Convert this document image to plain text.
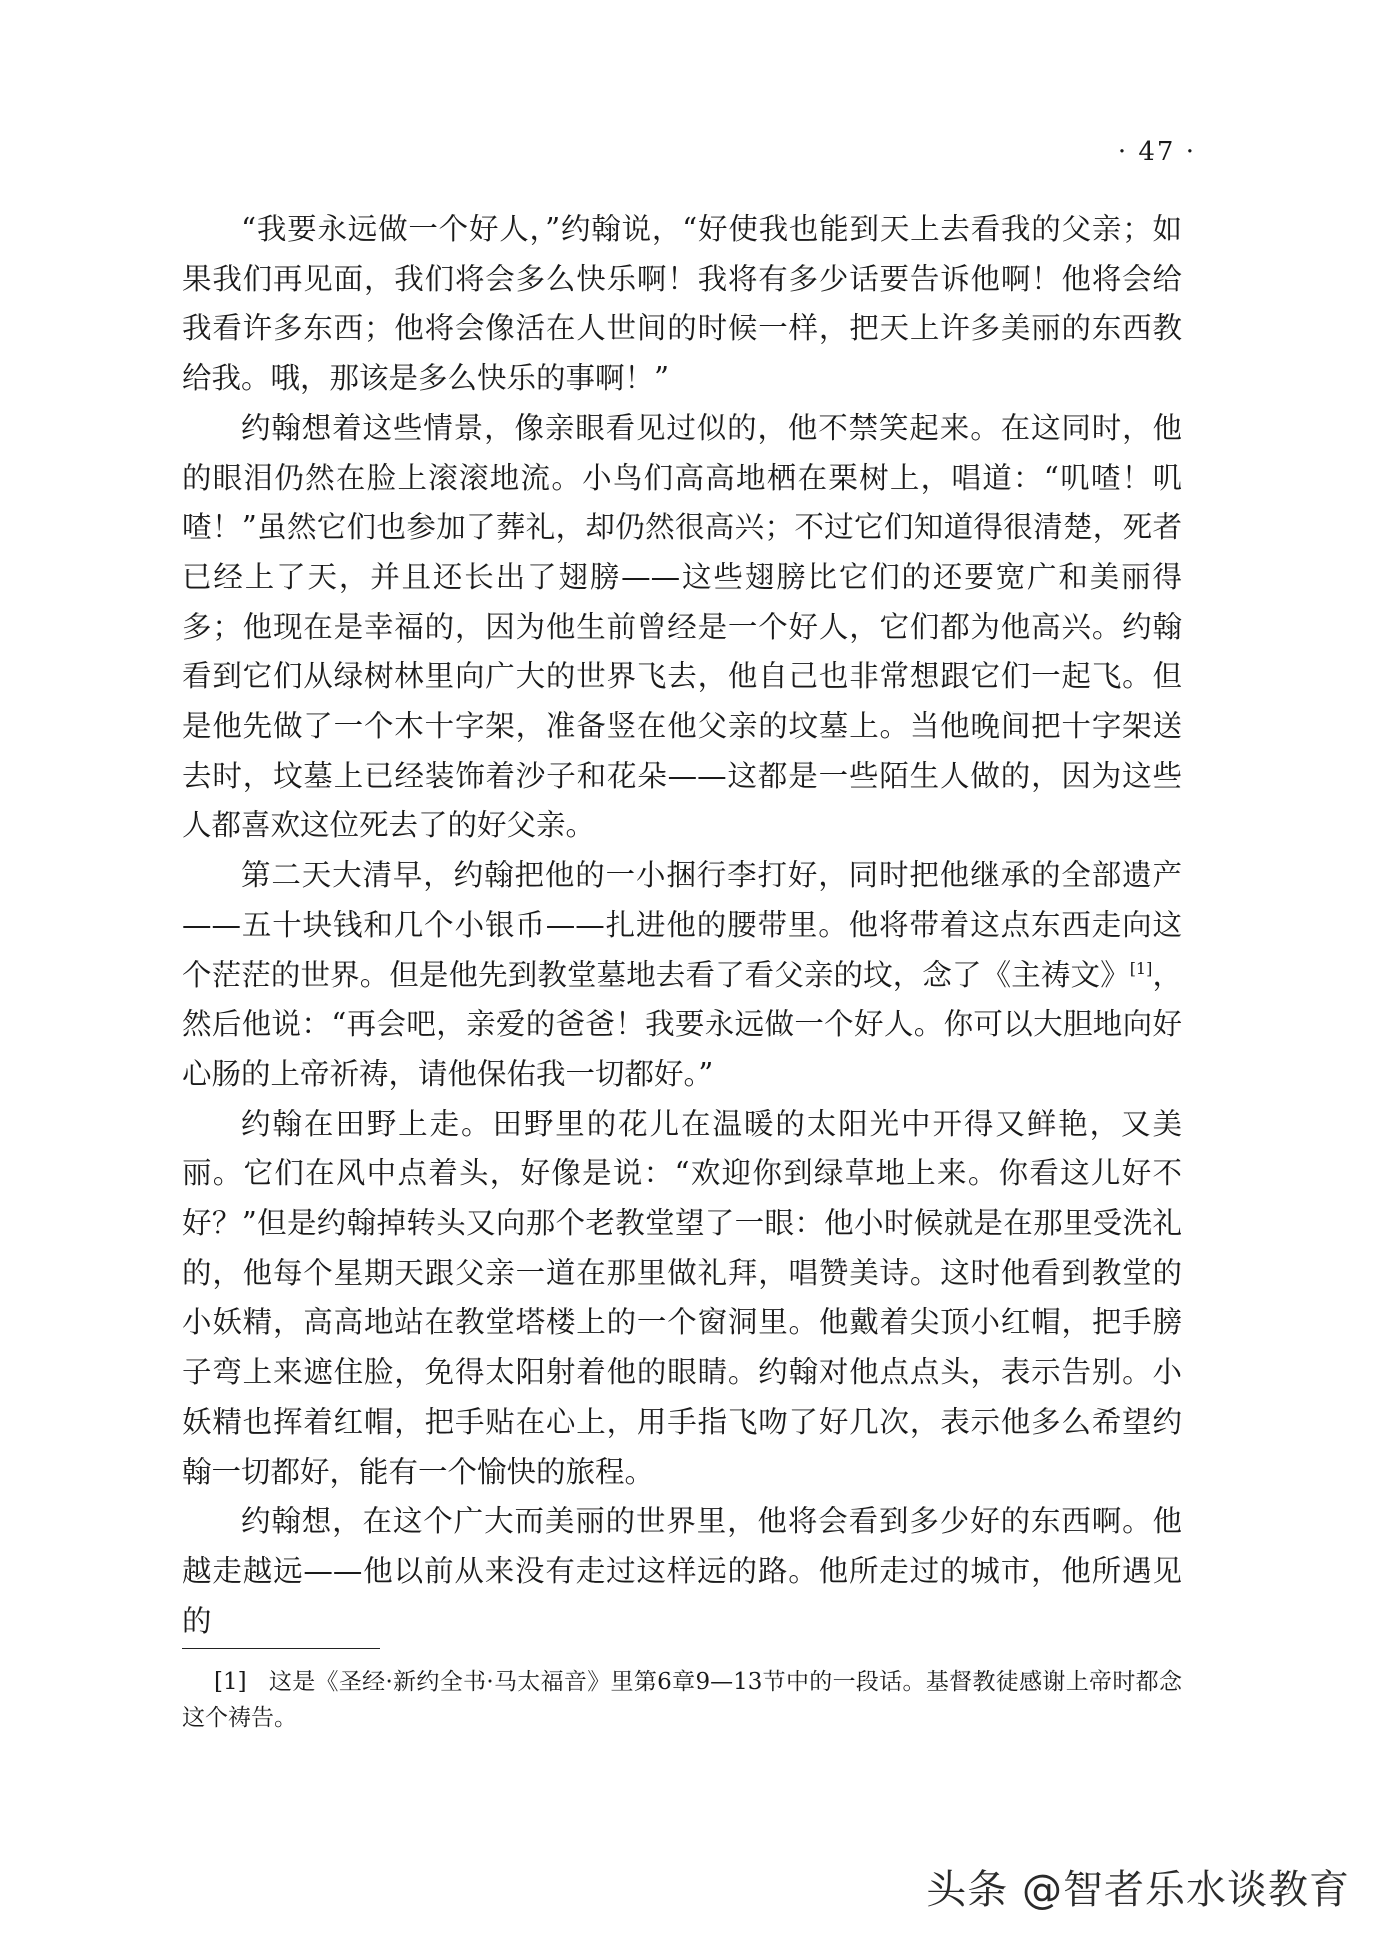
· 47 ·

“我要永远做一个好人，”约翰说，“好使我也能到天上去看我的父亲；如果我们再见面，我们将会多么快乐啊！我将有多少话要告诉他啊！他将会给我看许多东西；他将会像活在人世间的时候一样，把天上许多美丽的东西教给我。哦，那该是多么快乐的事啊！”

约翰想着这些情景，像亲眼看见过似的，他不禁笑起来。在这同时，他的眼泪仍然在脸上滚滚地流。小鸟们高高地栖在栗树上，唱道：“叽喳！叽喳！”虽然它们也参加了葬礼，却仍然很高兴；不过它们知道得很清楚，死者已经上了天，并且还长出了翅膀——这些翅膀比它们的还要宽广和美丽得多；他现在是幸福的，因为他生前曾经是一个好人，它们都为他高兴。约翰看到它们从绿树林里向广大的世界飞去，他自己也非常想跟它们一起飞。但是他先做了一个木十字架，准备竖在他父亲的坟墓上。当他晚间把十字架送去时，坟墓上已经装饰着沙子和花朵——这都是一些陌生人做的，因为这些人都喜欢这位死去了的好父亲。

第二天大清早，约翰把他的一小捆行李打好，同时把他继承的全部遗产——五十块钱和几个小银币——扎进他的腰带里。他将带着这点东西走向这个茫茫的世界。但是他先到教堂墓地去看了看父亲的坟，念了《主祷文》[1]，然后他说：“再会吧，亲爱的爸爸！我要永远做一个好人。你可以大胆地向好心肠的上帝祈祷，请他保佑我一切都好。”

约翰在田野上走。田野里的花儿在温暖的太阳光中开得又鲜艳，又美丽。它们在风中点着头，好像是说：“欢迎你到绿草地上来。你看这儿好不好？”但是约翰掉转头又向那个老教堂望了一眼：他小时候就是在那里受洗礼的，他每个星期天跟父亲一道在那里做礼拜，唱赞美诗。这时他看到教堂的小妖精，高高地站在教堂塔楼上的一个窗洞里。他戴着尖顶小红帽，把手膀子弯上来遮住脸，免得太阳射着他的眼睛。约翰对他点点头，表示告别。小妖精也挥着红帽，把手贴在心上，用手指飞吻了好几次，表示他多么希望约翰一切都好，能有一个愉快的旅程。

约翰想，在这个广大而美丽的世界里，他将会看到多少好的东西啊。他越走越远——他以前从来没有走过这样远的路。他所走过的城市，他所遇见的

[1] 这是《圣经·新约全书·马太福音》里第6章9—13节中的一段话。基督教徒感谢上帝时都念这个祷告。
头条 @智者乐水谈教育
